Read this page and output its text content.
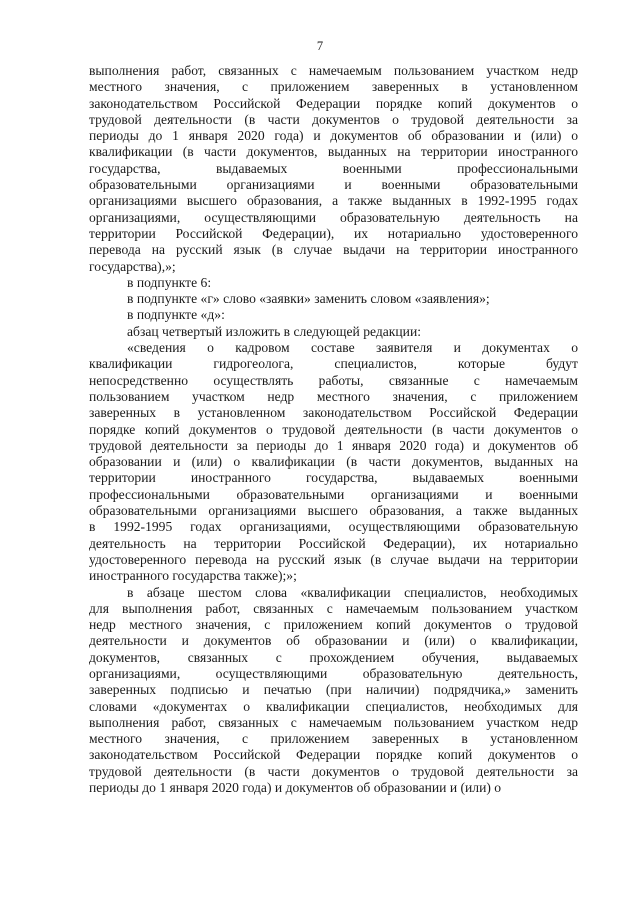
7
выполнения работ, связанных с намечаемым пользованием участком недр
местного значения, с приложением заверенных в установленном
законодательством Российской Федерации порядке копий документов о
трудовой деятельности (в части документов о трудовой деятельности за
периоды до 1 января 2020 года) и документов об образовании и (или) о
квалификации (в части документов, выданных на территории иностранного
государства, выдаваемых военными профессиональными
образовательными организациями и военными образовательными
организациями высшего образования, а также выданных в 1992-1995 годах
организациями, осуществляющими образовательную деятельность на
территории Российской Федерации), их нотариально удостоверенного
перевода на русский язык (в случае выдачи на территории иностранного
государства),»;
в подпункте 6:
в подпункте «г» слово «заявки» заменить словом «заявления»;
в подпункте «д»:
абзац четвертый изложить в следующей редакции:
«сведения о кадровом составе заявителя и документах о
квалификации гидрогеолога, специалистов, которые будут
непосредственно осуществлять работы, связанные с намечаемым
пользованием участком недр местного значения, с приложением
заверенных в установленном законодательством Российской Федерации
порядке копий документов о трудовой деятельности (в части документов о
трудовой деятельности за периоды до 1 января 2020 года) и документов об
образовании и (или) о квалификации (в части документов, выданных на
территории иностранного государства, выдаваемых военными
профессиональными образовательными организациями и военными
образовательными организациями высшего образования, а также выданных
в 1992-1995 годах организациями, осуществляющими образовательную
деятельность на территории Российской Федерации), их нотариально
удостоверенного перевода на русский язык (в случае выдачи на территории
иностранного государства также);»;
в абзаце шестом слова «квалификации специалистов, необходимых
для выполнения работ, связанных с намечаемым пользованием участком
недр местного значения, с приложением копий документов о трудовой
деятельности и документов об образовании и (или) о квалификации,
документов, связанных с прохождением обучения, выдаваемых
организациями, осуществляющими образовательную деятельность,
заверенных подписью и печатью (при наличии) подрядчика,» заменить
словами «документах о квалификации специалистов, необходимых для
выполнения работ, связанных с намечаемым пользованием участком недр
местного значения, с приложением заверенных в установленном
законодательством Российской Федерации порядке копий документов о
трудовой деятельности (в части документов о трудовой деятельности за
периоды до 1 января 2020 года) и документов об образовании и (или) о
